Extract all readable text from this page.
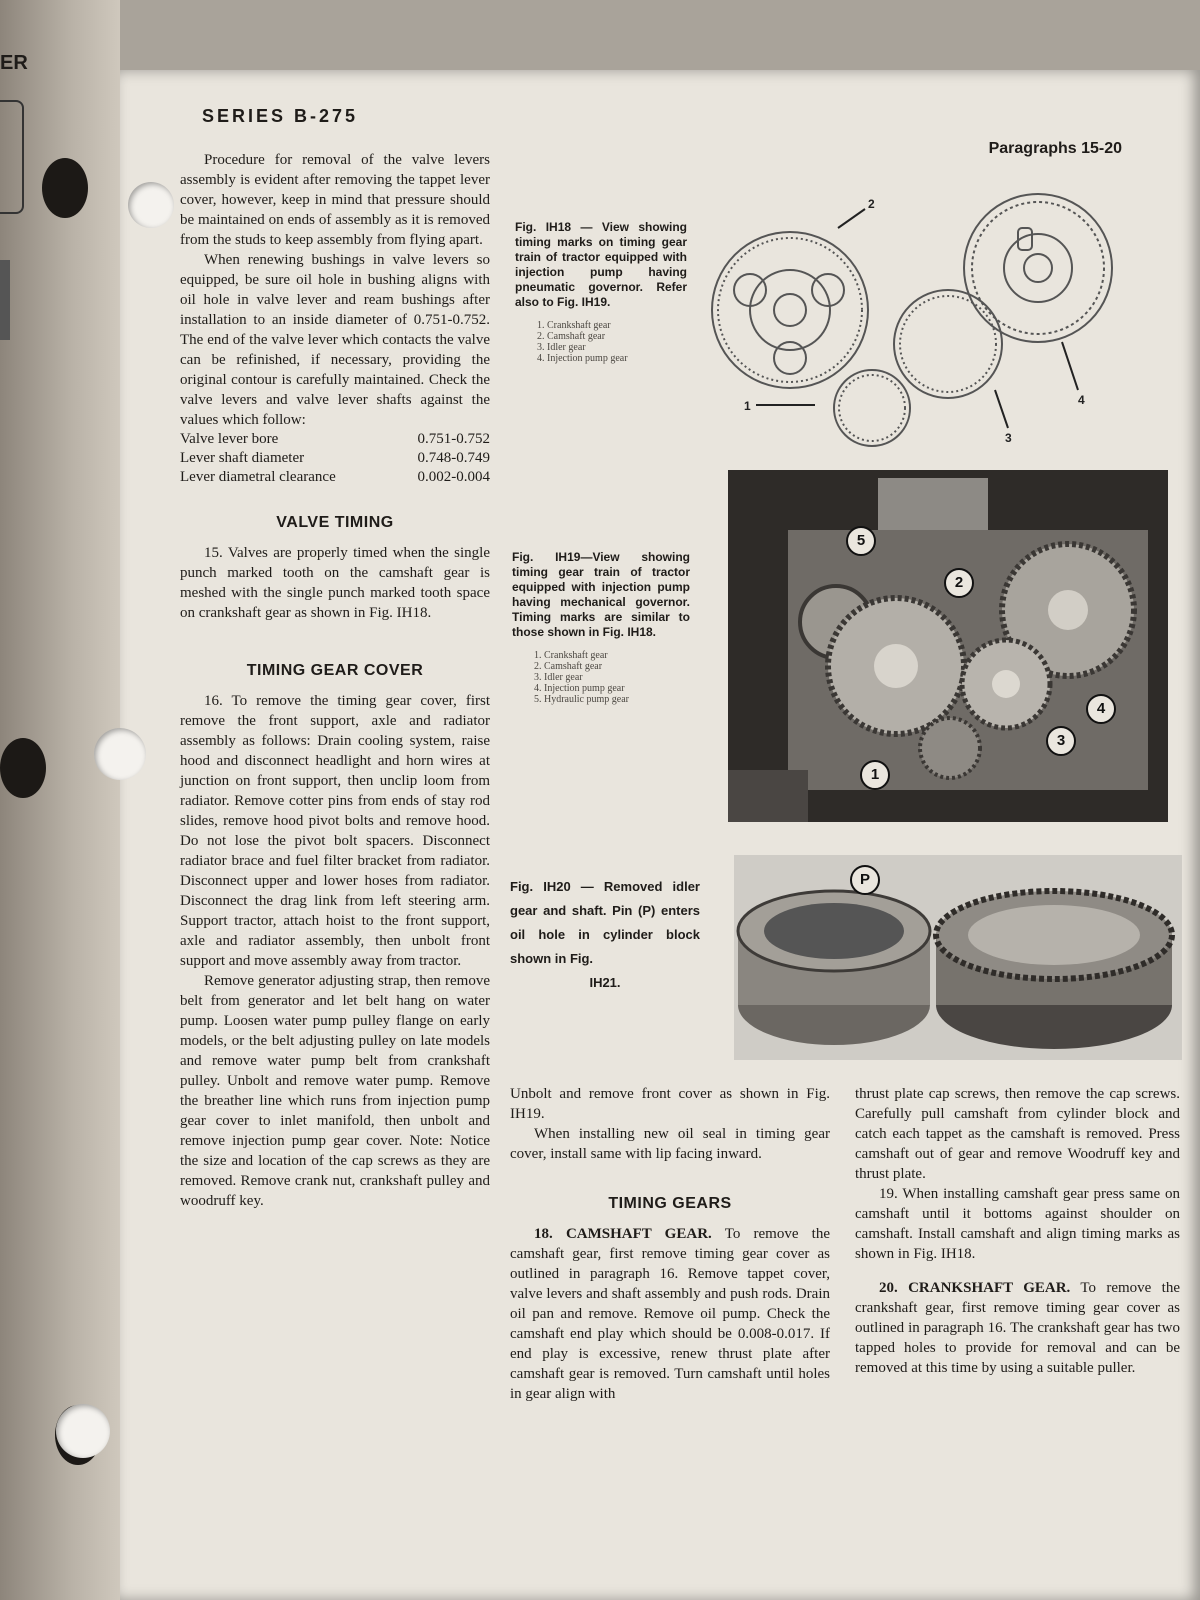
ER
SERIES B-275
Paragraphs 15-20

Procedure for removal of the valve levers assembly is evident after removing the tappet lever cover, however, keep in mind that pressure should be maintained on ends of assembly as it is removed from the studs to keep assembly from flying apart.

When renewing bushings in valve levers so equipped, be sure oil hole in bushing aligns with oil hole in valve lever and ream bushings after installation to an inside diameter of 0.751-0.752. The end of the valve lever which contacts the valve can be refinished, if necessary, providing the original contour is carefully maintained. Check the valve levers and valve lever shafts against the values which follow:

Valve lever bore	0.751-0.752
Lever shaft diameter	0.748-0.749
Lever diametral clearance	0.002-0.004
VALVE TIMING

15. Valves are properly timed when the single punch marked tooth on the camshaft gear is meshed with the single punch marked tooth space on crankshaft gear as shown in Fig. IH18.

TIMING GEAR COVER

16. To remove the timing gear cover, first remove the front support, axle and radiator assembly as follows: Drain cooling system, raise hood and disconnect headlight and horn wires at junction on front support, then unclip loom from radiator. Remove cotter pins from ends of stay rod slides, remove hood pivot bolts and remove hood. Do not lose the pivot bolt spacers. Disconnect radiator brace and fuel filter bracket from radiator. Disconnect upper and lower hoses from radiator. Disconnect the drag link from left steering arm. Support tractor, attach hoist to the front support, axle and radiator assembly, then unbolt front support and move assembly away from tractor.

Remove generator adjusting strap, then remove belt from generator and let belt hang on water pump. Loosen water pump pulley flange on early models, or the belt adjusting pulley on late models and remove water pump belt from crankshaft pulley. Unbolt and remove water pump. Remove the breather line which runs from injection pump gear cover to inlet manifold, then unbolt and remove injection pump gear cover. Note: Notice the size and location of the cap screws as they are removed. Remove crank nut, crankshaft pulley and woodruff key.

Fig. IH18 — View showing timing marks on timing gear train of tractor equipped with injection pump having pneumatic governor. Refer also to Fig. IH19.
1. Crankshaft gear
2. Camshaft gear
3. Idler gear
4. Injection pump gear
2
1
3
4
Fig. IH19—View showing timing gear train of tractor equipped with injection pump having mechanical governor. Timing marks are similar to those shown in Fig. IH18.
1. Crankshaft gear
2. Camshaft gear
3. Idler gear
4. Injection pump gear
5. Hydraulic pump gear
5
2
4
3
1
Fig. IH20 — Removed idler gear and shaft. Pin (P) enters oil hole in cylinder block shown in Fig.
IH21.
P

Unbolt and remove front cover as shown in Fig. IH19.

When installing new oil seal in timing gear cover, install same with lip facing inward.

TIMING GEARS

18. CAMSHAFT GEAR. To remove the camshaft gear, first remove timing gear cover as outlined in paragraph 16. Remove tappet cover, valve levers and shaft assembly and push rods. Drain oil pan and remove. Remove oil pump. Check the camshaft end play which should be 0.008-0.017. If end play is excessive, renew thrust plate after camshaft gear is removed. Turn camshaft until holes in gear align with

thrust plate cap screws, then remove the cap screws. Carefully pull camshaft from cylinder block and catch each tappet as the camshaft is removed. Press camshaft out of gear and remove Woodruff key and thrust plate.

19. When installing camshaft gear press same on camshaft until it bottoms against shoulder on camshaft. Install camshaft and align timing marks as shown in Fig. IH18.

20. CRANKSHAFT GEAR. To remove the crankshaft gear, first remove timing gear cover as outlined in paragraph 16. The crankshaft gear has two tapped holes to provide for removal and can be removed at this time by using a suitable puller.
